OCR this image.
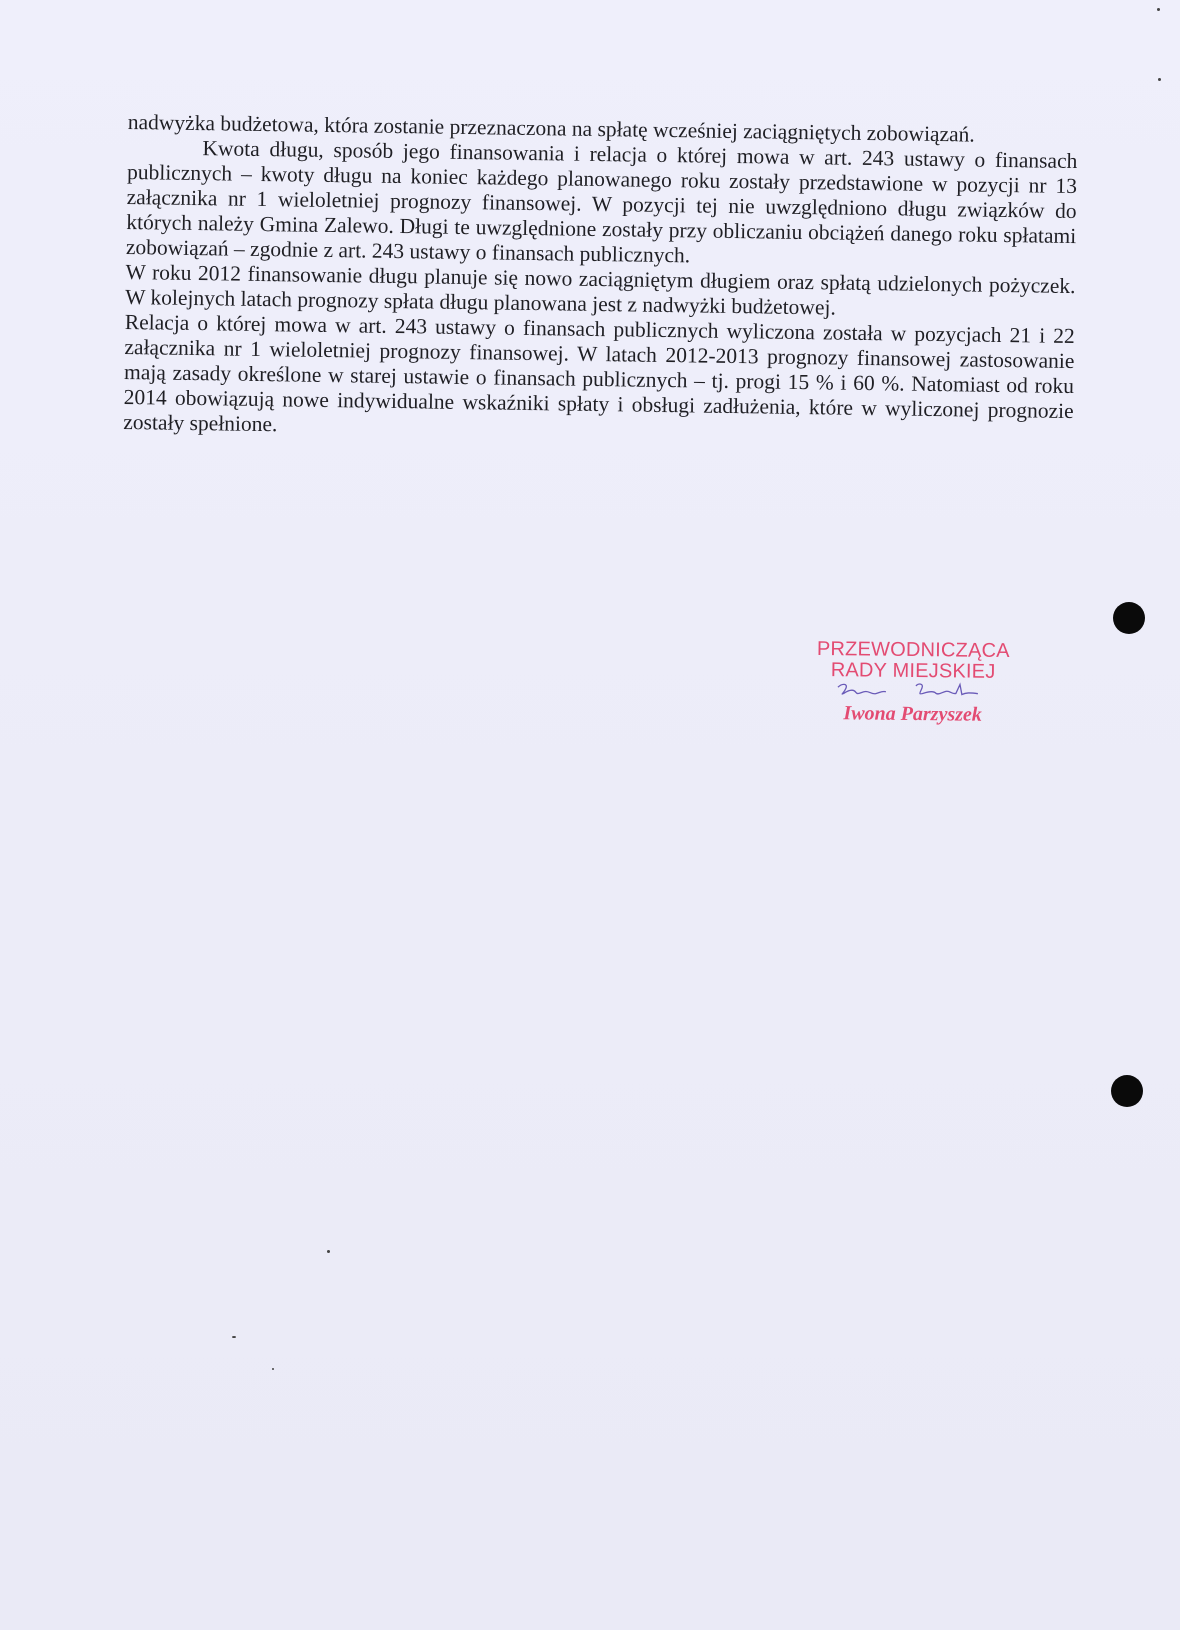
nadwyżka budżetowa, która zostanie przeznaczona na spłatę wcześniej zaciągniętych zobowiązań.

Kwota długu, sposób jego finansowania i relacja o której mowa w art. 243 ustawy o finansach publicznych – kwoty długu na koniec każdego planowanego roku zostały przedstawione w pozycji nr 13 załącznika nr 1 wieloletniej prognozy finansowej. W pozycji tej nie uwzględniono długu związków do których należy Gmina Zalewo. Długi te uwzględnione zostały przy obliczaniu obciążeń danego roku spłatami zobowiązań – zgodnie z art. 243 ustawy o finansach publicznych.

W roku 2012 finansowanie długu planuje się nowo zaciągniętym długiem oraz spłatą udzielonych pożyczek. W kolejnych latach prognozy spłata długu planowana jest z nadwyżki budżetowej.

Relacja o której mowa w art. 243 ustawy o finansach publicznych wyliczona została w pozycjach 21 i 22 załącznika nr 1 wieloletniej prognozy finansowej. W latach 2012-2013 prognozy finansowej zastosowanie mają zasady określone w starej ustawie o finansach publicznych – tj. progi 15 % i 60 %. Natomiast od roku 2014 obowiązują nowe indywidualne wskaźniki spłaty i obsługi zadłużenia, które w wyliczonej prognozie zostały spełnione.

PRZEWODNICZĄCA
RADY MIEJSKIEJ
Iwona Parzyszek
